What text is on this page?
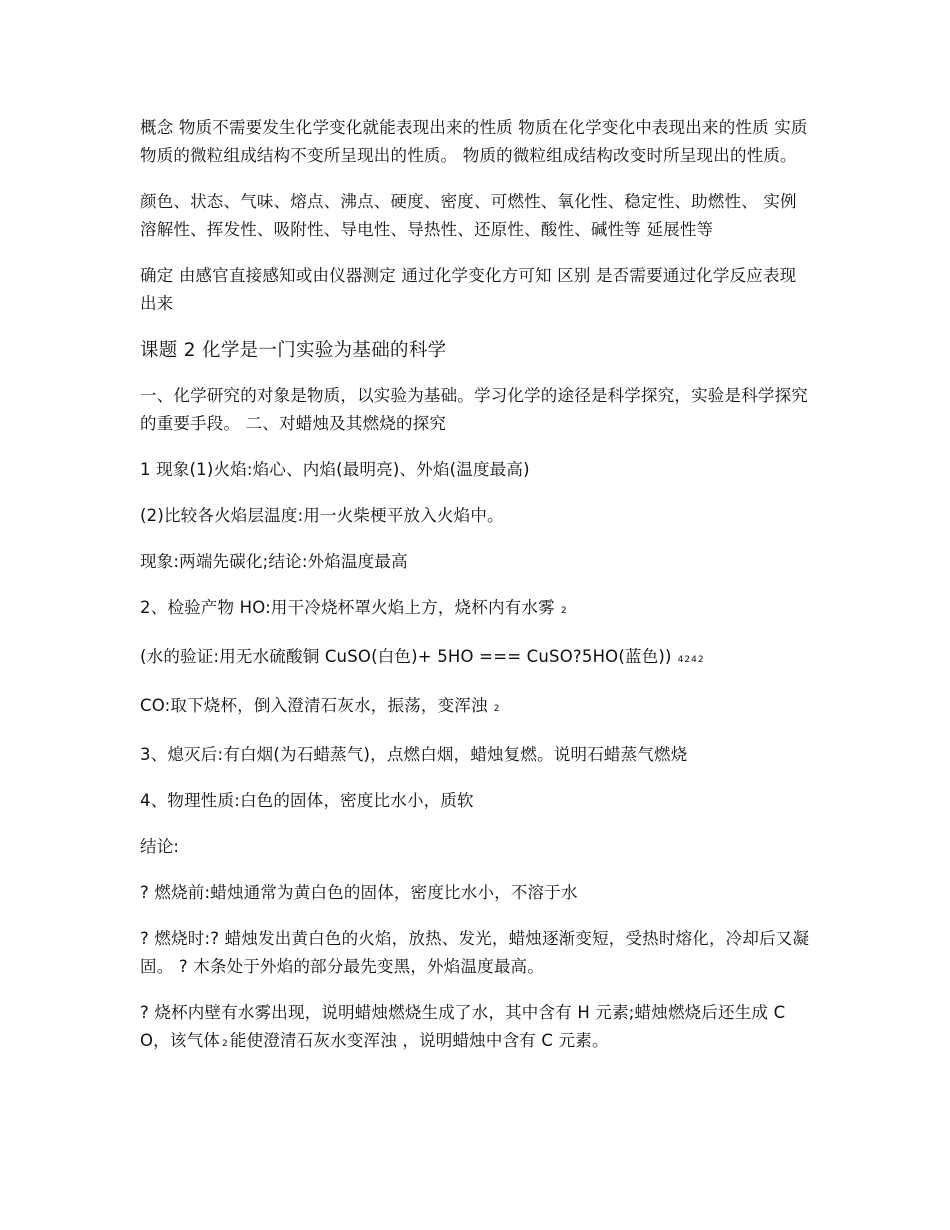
概念 物质不需要发生化学变化就能表现出来的性质 物质在化学变化中表现出来的性质 实质 物质的微粒组成结构不变所呈现出的性质。 物质的微粒组成结构改变时所呈现出的性质。

颜色、状态、气味、熔点、沸点、硬度、密度、可燃性、氧化性、稳定性、助燃性、 实例 溶解性、挥发性、吸附性、导电性、导热性、还原性、酸性、碱性等 延展性等

确定 由感官直接感知或由仪器测定 通过化学变化方可知 区别 是否需要通过化学反应表现出来

课题 2 化学是一门实验为基础的科学

一、化学研究的对象是物质，以实验为基础。学习化学的途径是科学探究，实验是科学探究的重要手段。 二、对蜡烛及其燃烧的探究

1 现象(1)火焰:焰心、内焰(最明亮)、外焰(温度最高)

(2)比较各火焰层温度:用一火柴梗平放入火焰中。

现象:两端先碳化;结论:外焰温度最高

2、检验产物 HO:用干冷烧杯罩火焰上方，烧杯内有水雾 2

(水的验证:用无水硫酸铜 CuSO(白色)+ 5HO === CuSO?5HO(蓝色)) 4242

CO:取下烧杯，倒入澄清石灰水，振荡，变浑浊 2

3、熄灭后:有白烟(为石蜡蒸气)，点燃白烟，蜡烛复燃。说明石蜡蒸气燃烧

4、物理性质:白色的固体，密度比水小，质软

结论:

? 燃烧前:蜡烛通常为黄白色的固体，密度比水小，不溶于水

? 燃烧时:? 蜡烛发出黄白色的火焰，放热、发光，蜡烛逐渐变短，受热时熔化，冷却后又凝固。 ? 木条处于外焰的部分最先变黑，外焰温度最高。

? 烧杯内壁有水雾出现，说明蜡烛燃烧生成了水，其中含有 H 元素;蜡烛燃烧后还生成 CO，该气体 2 能使澄清石灰水变浑浊 ，说明蜡烛中含有 C 元素。
